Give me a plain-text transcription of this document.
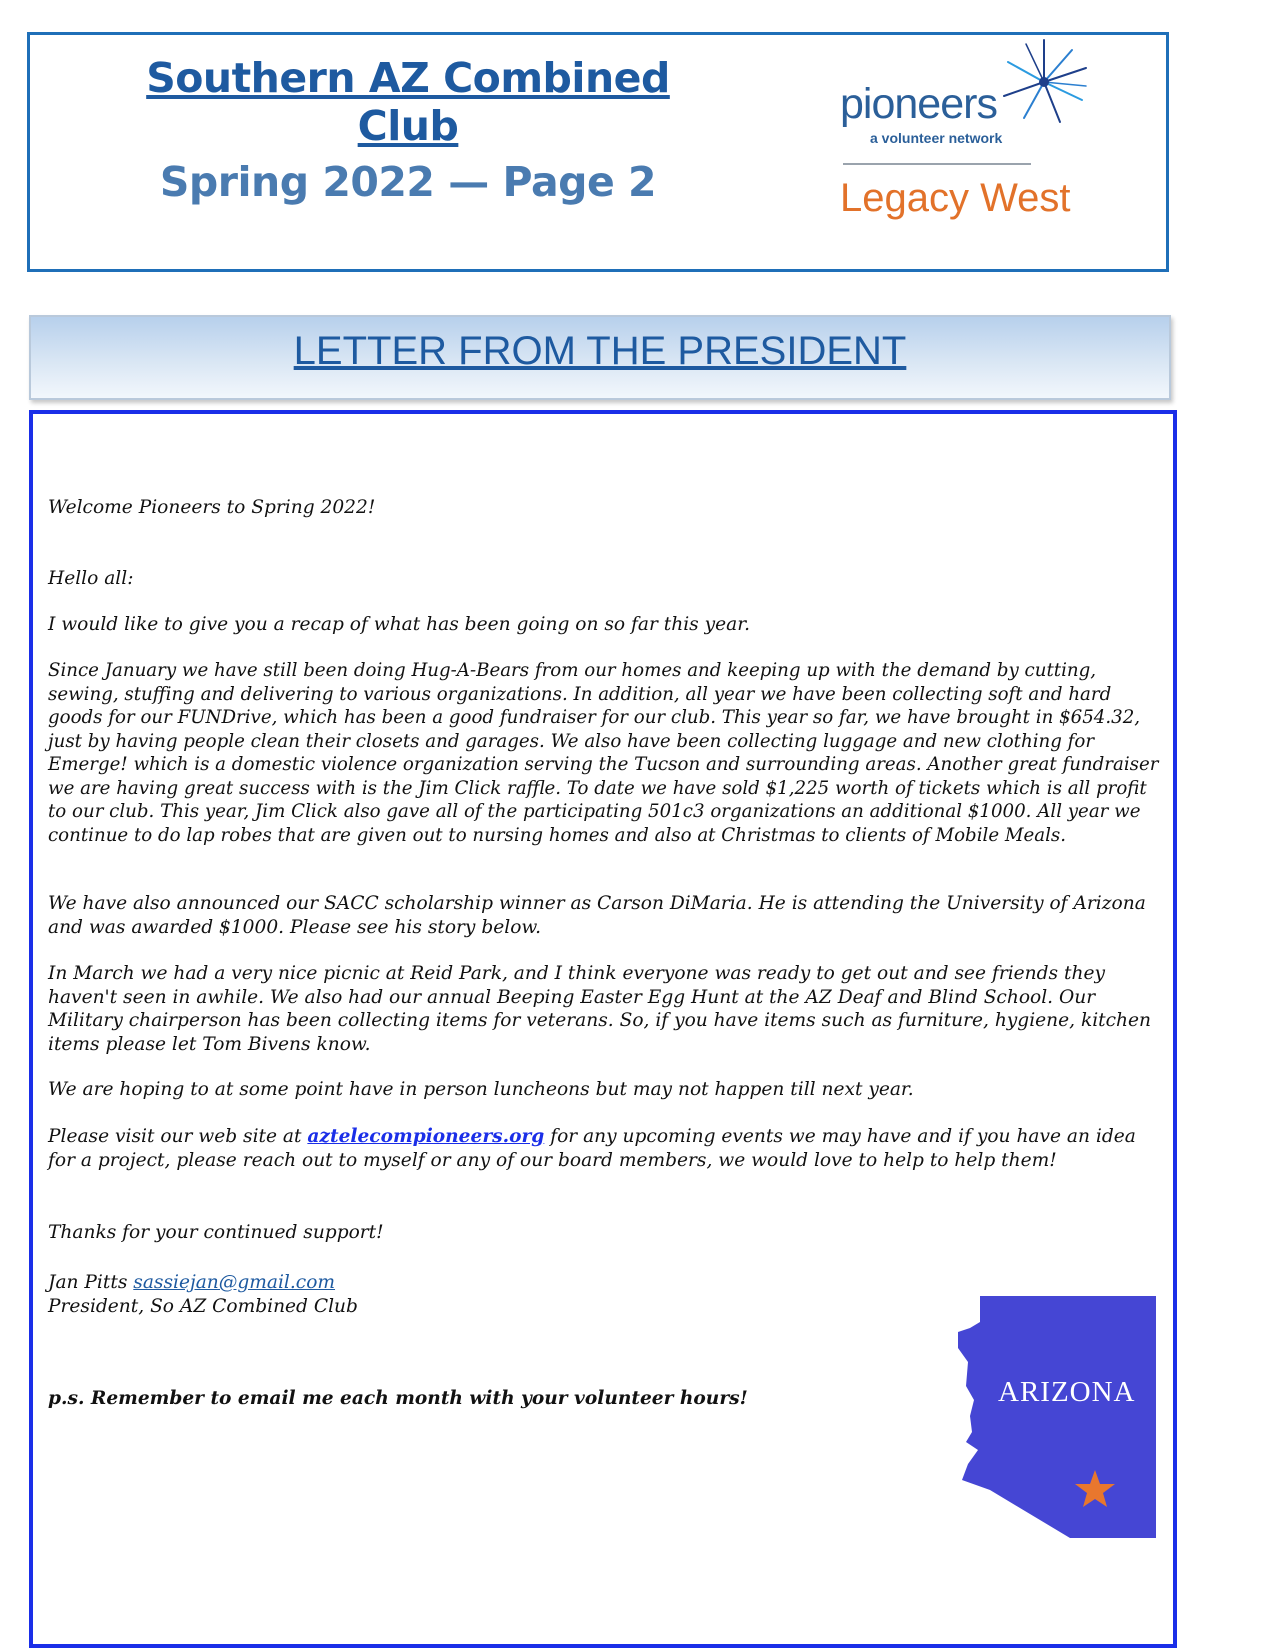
Southern AZ Combined Club
Spring 2022 — Page 2
pioneers
a volunteer network
Legacy West
LETTER FROM THE PRESIDENT

Welcome Pioneers to Spring 2022!

Hello all:

I would like to give you a recap of what has been going on so far this year.

Since January we have still been doing Hug-A-Bears from our homes and keeping up with the demand by cutting, sewing, stuffing and delivering to various organizations. In addition, all year we have been collecting soft and hard goods for our FUNDrive, which has been a good fundraiser for our club. This year so far, we have brought in $654.32, just by having people clean their closets and garages. We also have been collecting luggage and new clothing for Emerge! which is a domestic violence organization serving the Tucson and surrounding areas. Another great fundraiser we are having great success with is the Jim Click raffle. To date we have sold $1,225 worth of tickets which is all profit to our club. This year, Jim Click also gave all of the participating 501c3 organizations an additional $1000. All year we continue to do lap robes that are given out to nursing homes and also at Christmas to clients of Mobile Meals.

We have also announced our SACC scholarship winner as Carson DiMaria. He is attending the University of Arizona and was awarded $1000. Please see his story below.

In March we had a very nice picnic at Reid Park, and I think everyone was ready to get out and see friends they haven't seen in awhile. We also had our annual Beeping Easter Egg Hunt at the AZ Deaf and Blind School. Our Military chairperson has been collecting items for veterans. So, if you have items such as furniture, hygiene, kitchen items please let Tom Bivens know.

We are hoping to at some point have in person luncheons but may not happen till next year.

Please visit our web site at aztelecompioneers.org for any upcoming events we may have and if you have an idea for a project, please reach out to myself or any of our board members, we would love to help to help them!

Thanks for your continued support!

Jan Pitts sassiejan@gmail.com
President, So AZ Combined Club

p.s. Remember to email me each month with your volunteer hours!	ARIZONA
